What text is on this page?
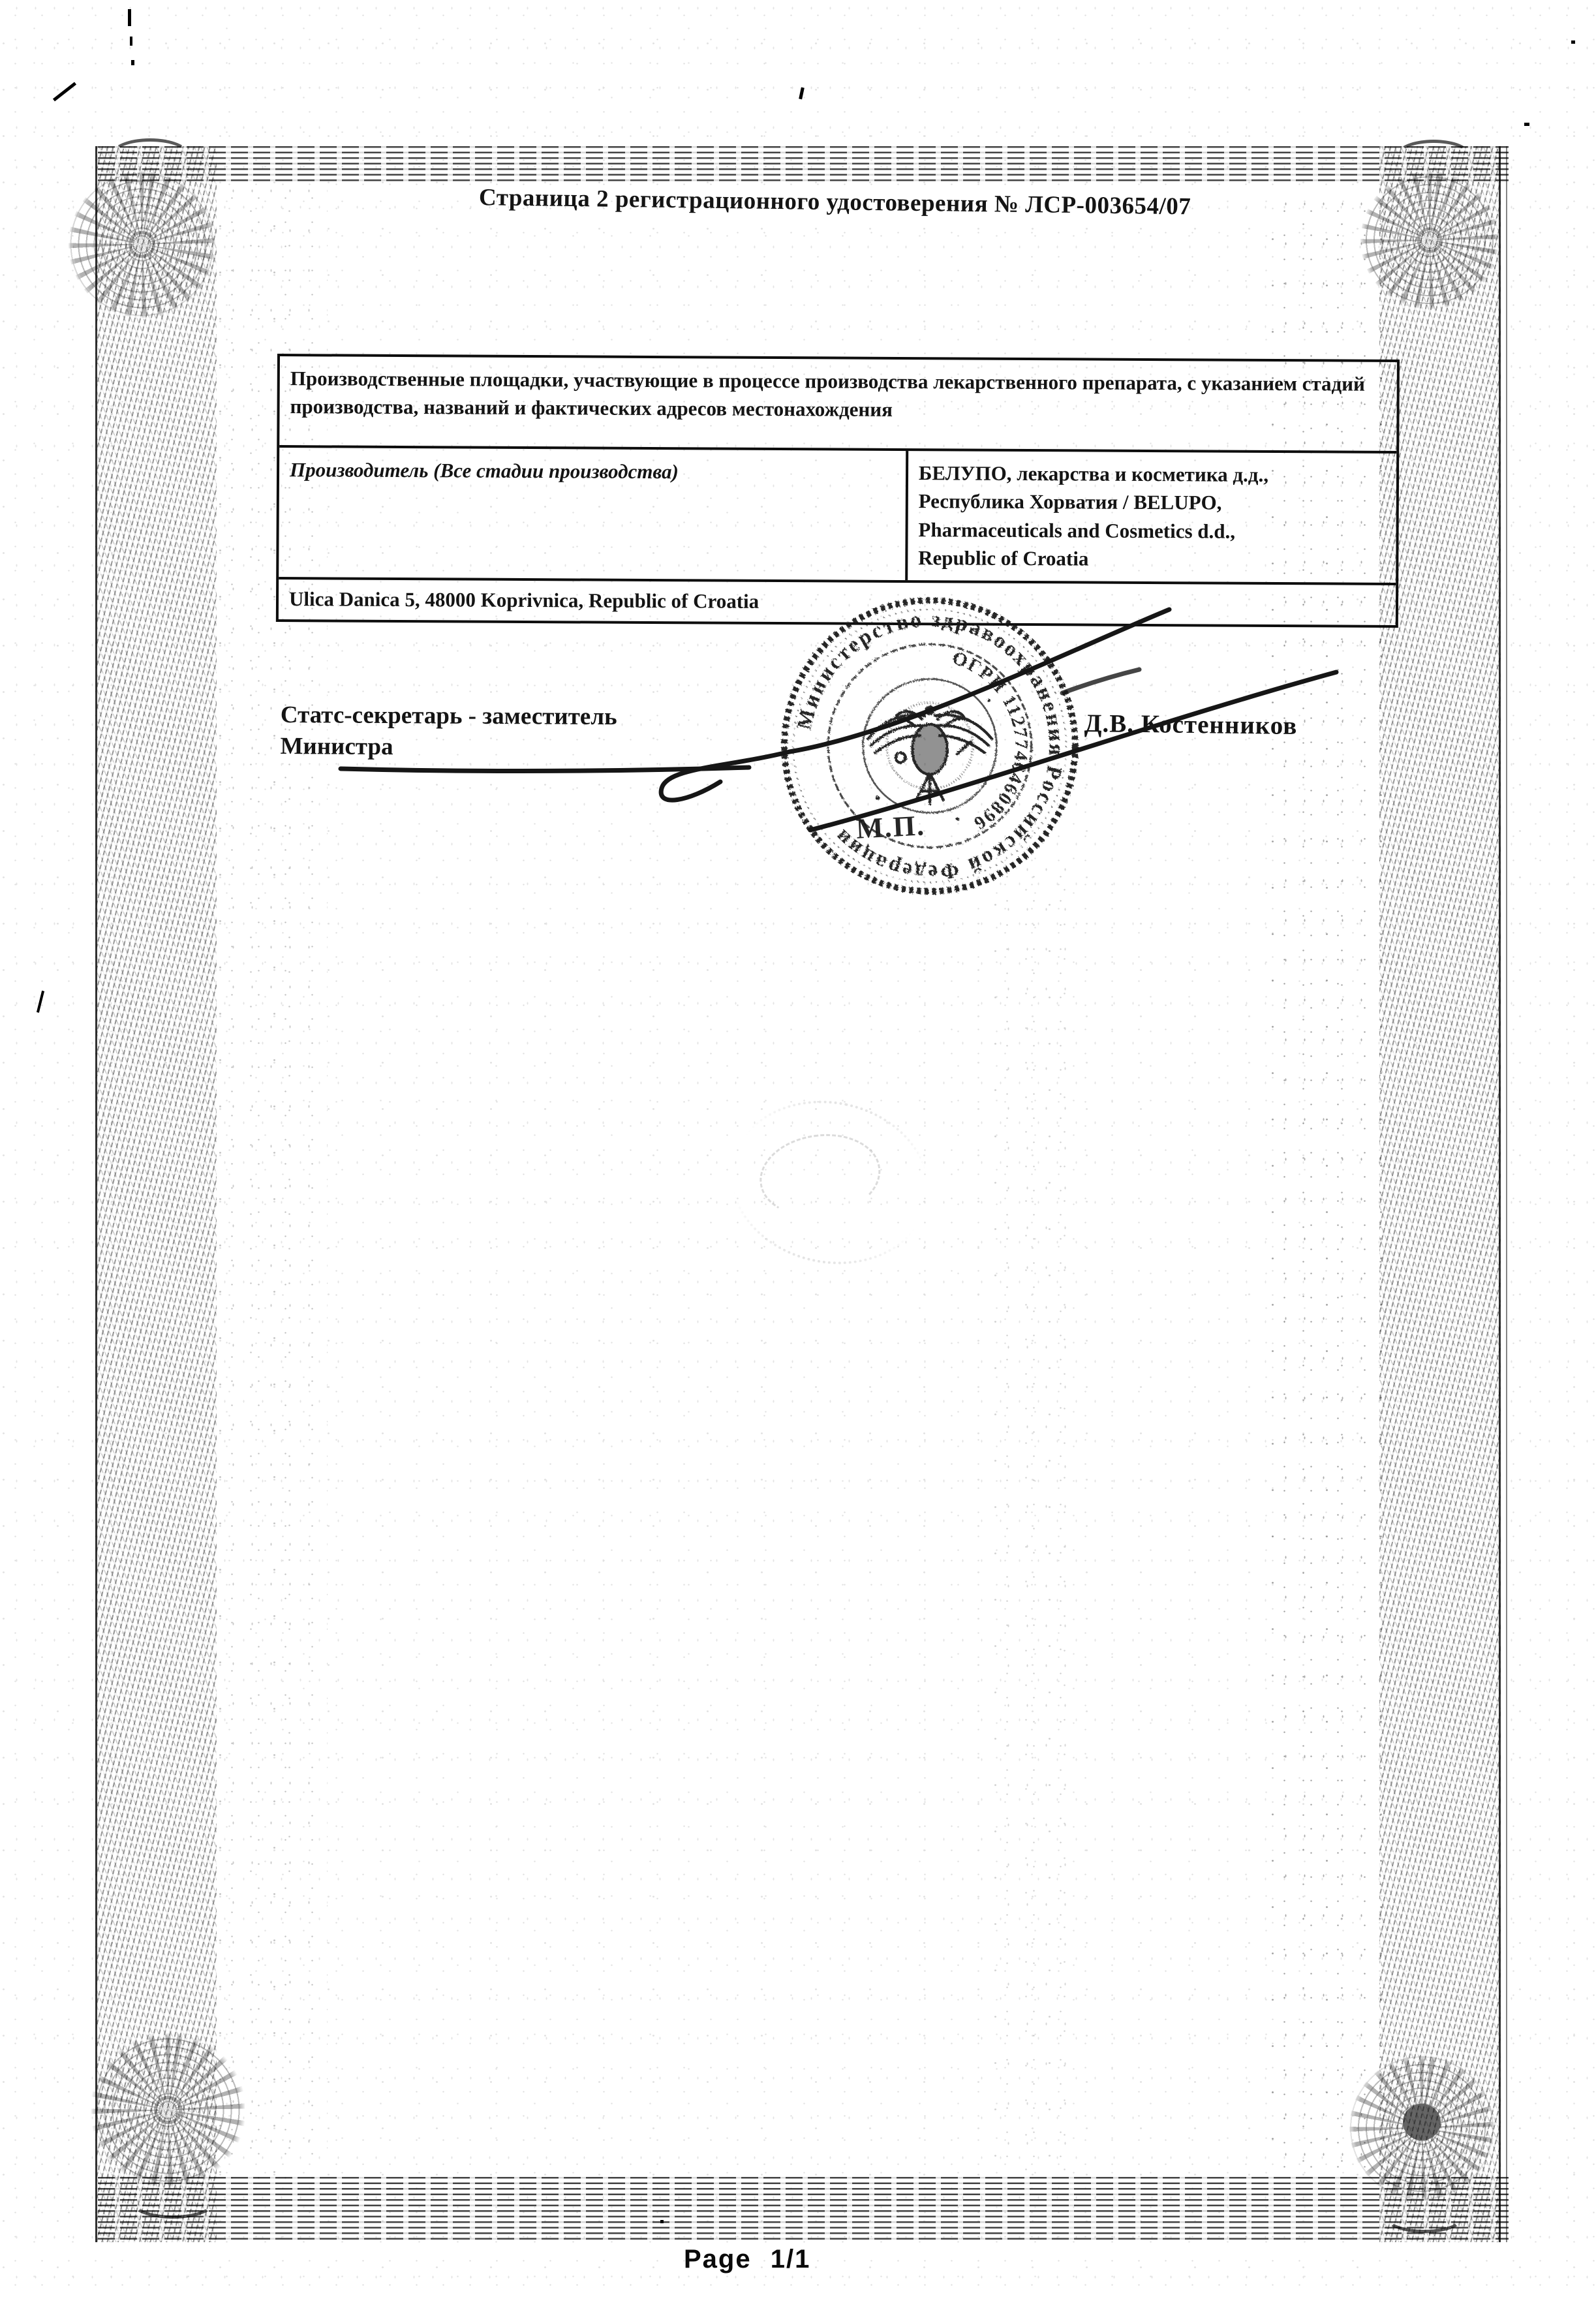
Страница 2 регистрационного удостоверения № ЛСР-003654/07
Производственные площадки, участвующие в процессе производства лекарственного препарата, с указанием стадий производства, названий и фактических адресов местонахождения
Производитель (Все стадии производства)	БЕЛУПО, лекарства и косметика д.д.,
Республика Хорватия / BELUPO,
Pharmaceuticals and Cosmetics d.d.,
Republic of Croatia
Ulica Danica 5, 48000 Koprivnica, Republic of Croatia
Статс-секретарь - заместитель
Министра
Д.В. Костенников
Министерство здравоохранения Российской Федерации
ОГРН 1127746460896
М.П.
Page 1/1
